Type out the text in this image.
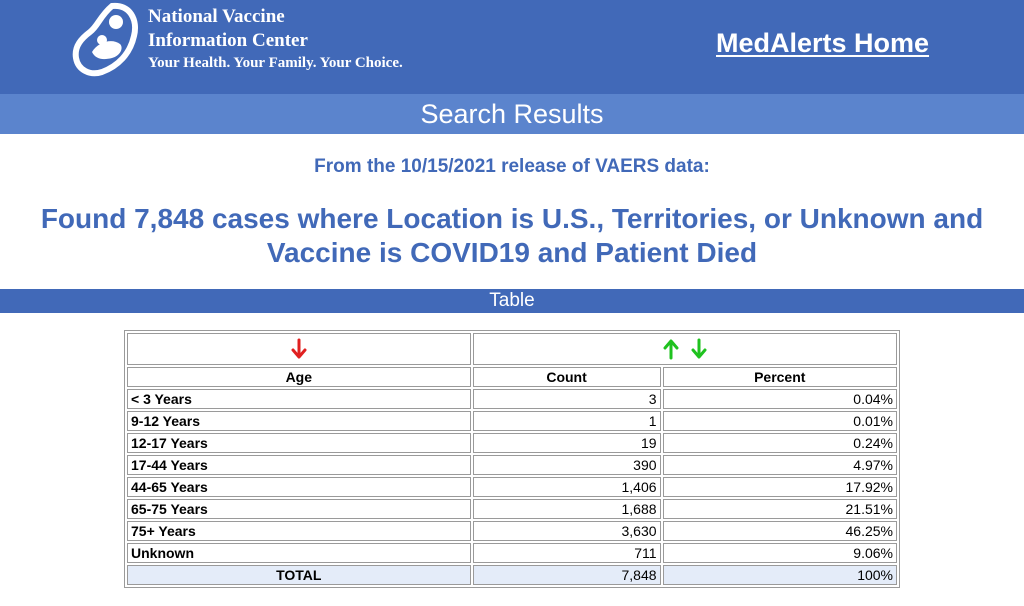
National Vaccine
Information Center
Your Health. Your Family. Your Choice.
MedAlerts Home
Search Results
From the 10/15/2021 release of VAERS data:
Found 7,848 cases where Location is U.S., Territories, or Unknown and Vaccine is COVID19 and Patient Died
Table

Age	Count	Percent
< 3 Years	3	0.04%
9-12 Years	1	0.01%
12-17 Years	19	0.24%
17-44 Years	390	4.97%
44-65 Years	1,406	17.92%
65-75 Years	1,688	21.51%
75+ Years	3,630	46.25%
Unknown	711	9.06%
TOTAL	7,848	100%
